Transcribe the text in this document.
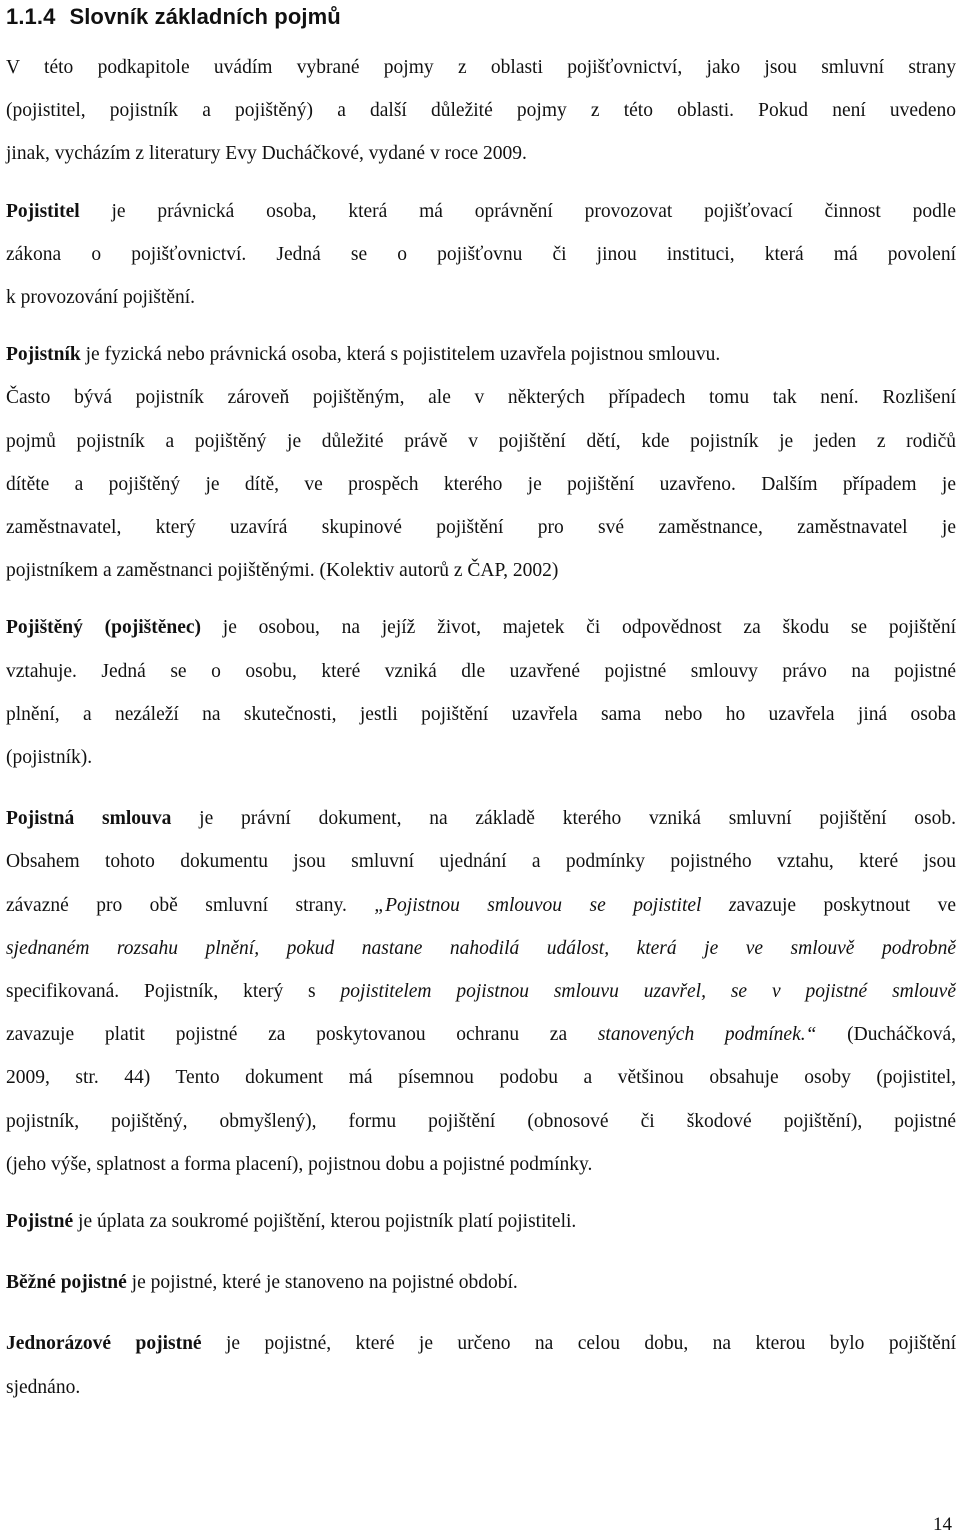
1.1.4 Slovník základních pojmů

V této podkapitole uvádím vybrané pojmy z oblasti pojišťovnictví, jako jsou smluvní strany
(pojistitel, pojistník a pojištěný) a další důležité pojmy z této oblasti. Pokud není uvedeno
jinak, vycházím z literatury Evy Ducháčkové, vydané v roce 2009.

Pojistitel je právnická osoba, která má oprávnění provozovat pojišťovací činnost podle
zákona o pojišťovnictví. Jedná se o pojišťovnu či jinou instituci, která má povolení
k provozování pojištění.

Pojistník je fyzická nebo právnická osoba, která s pojistitelem uzavřela pojistnou smlouvu.
Často bývá pojistník zároveň pojištěným, ale v některých případech tomu tak není. Rozlišení
pojmů pojistník a pojištěný je důležité právě v pojištění dětí, kde pojistník je jeden z rodičů
dítěte a pojištěný je dítě, ve prospěch kterého je pojištění uzavřeno. Dalším případem je
zaměstnavatel, který uzavírá skupinové pojištění pro své zaměstnance, zaměstnavatel je
pojistníkem a zaměstnanci pojištěnými. (Kolektiv autorů z ČAP, 2002)

Pojištěný (pojištěnec) je osobou, na jejíž život, majetek či odpovědnost za škodu se pojištění
vztahuje. Jedná se o osobu, které vzniká dle uzavřené pojistné smlouvy právo na pojistné
plnění, a nezáleží na skutečnosti, jestli pojištění uzavřela sama nebo ho uzavřela jiná osoba
(pojistník).

Pojistná smlouva je právní dokument, na základě kterého vzniká smluvní pojištění osob.
Obsahem tohoto dokumentu jsou smluvní ujednání a podmínky pojistného vztahu, které jsou
závazné pro obě smluvní strany. „Pojistnou smlouvou se pojistitel zavazuje poskytnout ve
sjednaném rozsahu plnění, pokud nastane nahodilá událost, která je ve smlouvě podrobně
specifikovaná. Pojistník, který s pojistitelem pojistnou smlouvu uzavřel, se v pojistné smlouvě
zavazuje platit pojistné za poskytovanou ochranu za stanovených podmínek.“ (Ducháčková,
2009, str. 44) Tento dokument má písemnou podobu a většinou obsahuje osoby (pojistitel,
pojistník, pojištěný, obmyšlený), formu pojištění (obnosové či škodové pojištění), pojistné
(jeho výše, splatnost a forma placení), pojistnou dobu a pojistné podmínky.

Pojistné je úplata za soukromé pojištění, kterou pojistník platí pojistiteli.

Běžné pojistné je pojistné, které je stanoveno na pojistné období.

Jednorázové pojistné je pojistné, které je určeno na celou dobu, na kterou bylo pojištění
sjednáno.

14
